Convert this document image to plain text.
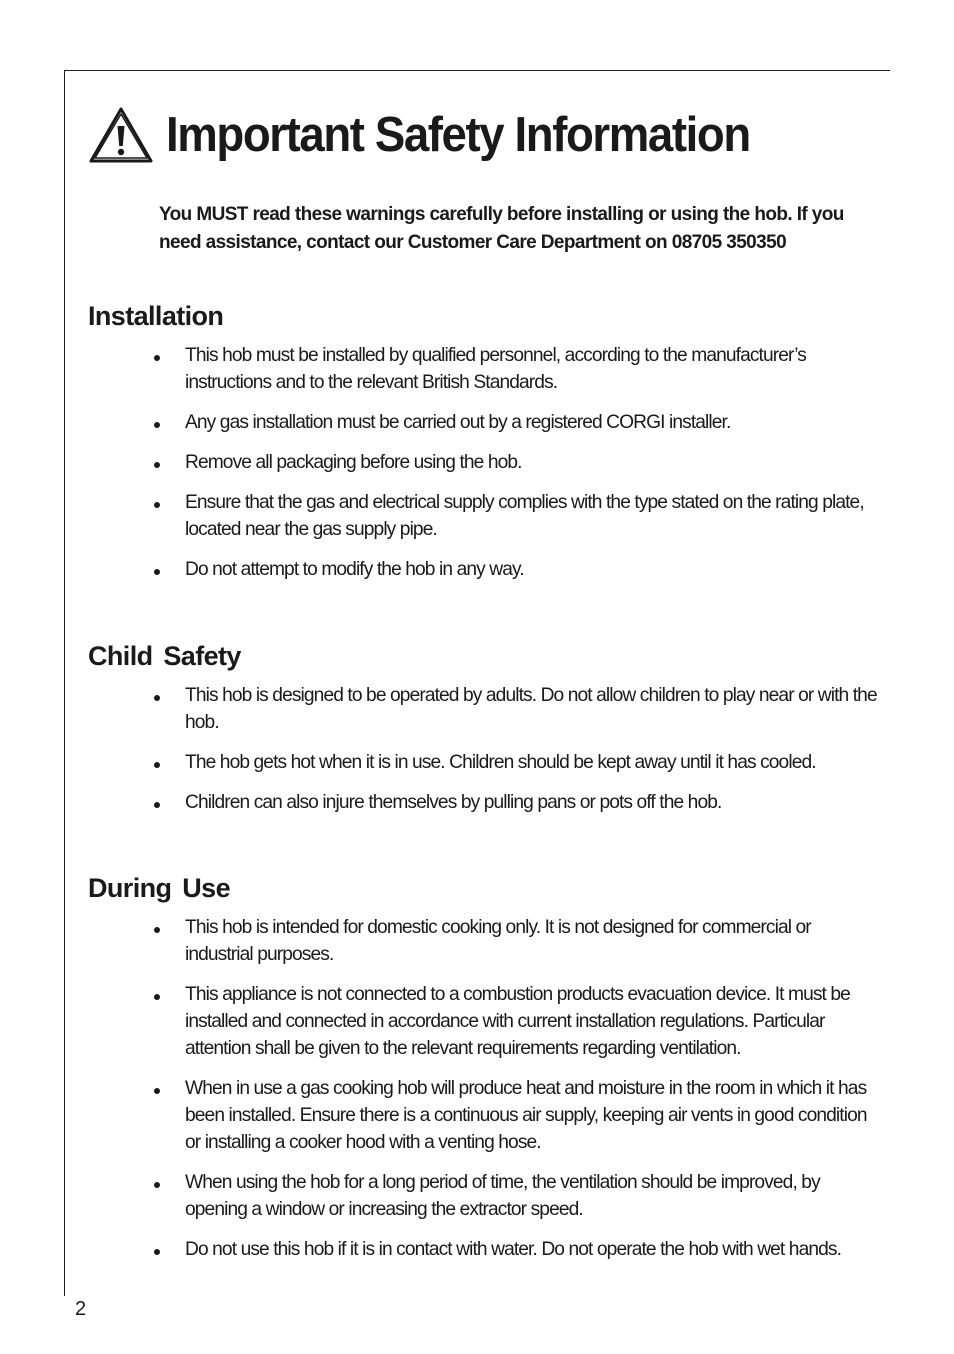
Important Safety Information

You MUST read these warnings carefully before installing or using the hob. If you need assistance, contact our Customer Care Department on 08705 350350

Installation
This hob must be installed by qualified personnel, according to the manufacturer’s instructions and to the relevant British Standards.
Any gas installation must be carried out by a registered CORGI installer.
Remove all packaging before using the hob.
Ensure that the gas and electrical supply complies with the type stated on the rating plate, located near the gas supply pipe.
Do not attempt to modify the hob in any way.
Child Safety
This hob is designed to be operated by adults. Do not allow children to play near or with the hob.
The hob gets hot when it is in use. Children should be kept away until it has cooled.
Children can also injure themselves by pulling pans or pots off the hob.
During Use
This hob is intended for domestic cooking only. It is not designed for commercial or industrial purposes.
This appliance is not connected to a combustion products evacuation device. It must be installed and connected in accordance with current installation regulations. Particular attention shall be given to the relevant requirements regarding ventilation.
When in use a gas cooking hob will produce heat and moisture in the room in which it has been installed. Ensure there is a continuous air supply, keeping air vents in good condition or installing a cooker hood with a venting hose.
When using the hob for a long period of time, the ventilation should be improved, by opening a window or increasing the extractor speed.
Do not use this hob if it is in contact with water. Do not operate the hob with wet hands.

2
